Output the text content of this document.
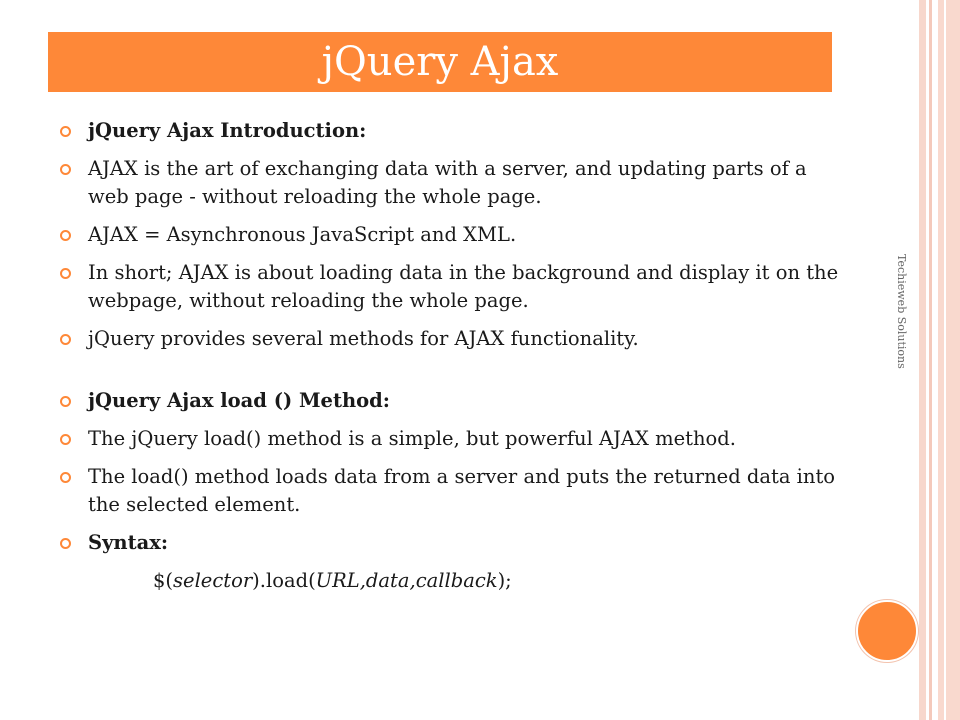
jQuery Ajax
jQuery Ajax Introduction:
AJAX is the art of exchanging data with a server, and updating parts of a web page - without reloading the whole page.
AJAX = Asynchronous JavaScript and XML.
In short; AJAX is about loading data in the background and display it on the webpage, without reloading the whole page.
jQuery provides several methods for AJAX functionality.
jQuery Ajax load () Method:
The jQuery load() method is a simple, but powerful AJAX method.
The load() method loads data from a server and puts the returned data into the selected element.
Syntax:
$(selector).load(URL,data,callback);
Techieweb Solutions
